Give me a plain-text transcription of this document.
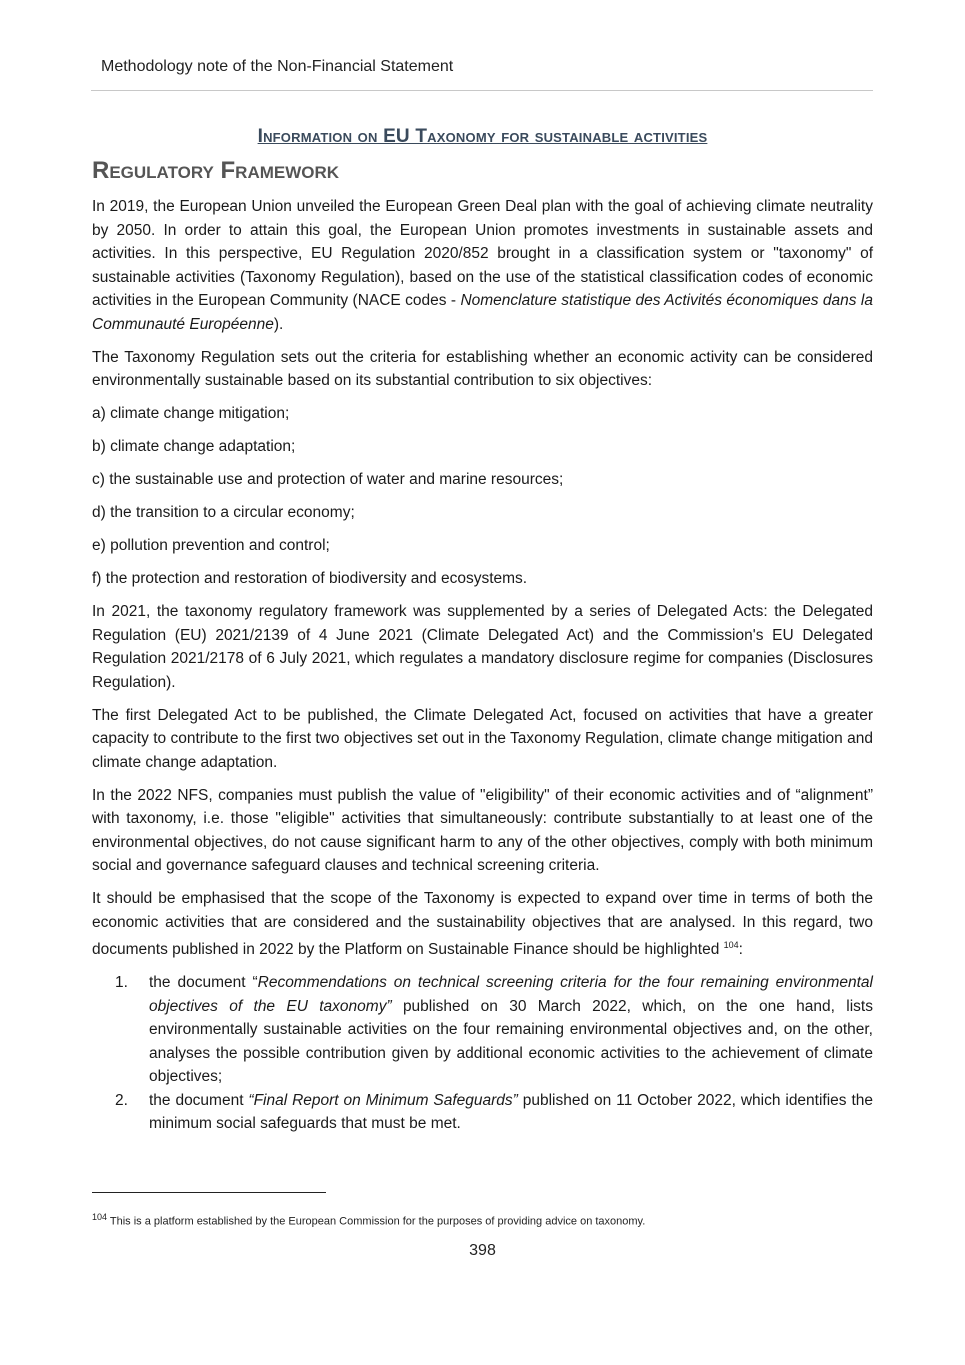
Methodology note of the Non-Financial Statement
Information on EU Taxonomy for sustainable activities
Regulatory Framework

In 2019, the European Union unveiled the European Green Deal plan with the goal of achieving climate neutrality by 2050. In order to attain this goal, the European Union promotes investments in sustainable assets and activities. In this perspective, EU Regulation 2020/852 brought in a classification system or "taxonomy" of sustainable activities (Taxonomy Regulation), based on the use of the statistical classification codes of economic activities in the European Community (NACE codes - Nomenclature statistique des Activités économiques dans la Communauté Européenne).

The Taxonomy Regulation sets out the criteria for establishing whether an economic activity can be considered environmentally sustainable based on its substantial contribution to six objectives:

a) climate change mitigation;

b) climate change adaptation;

c) the sustainable use and protection of water and marine resources;

d) the transition to a circular economy;

e) pollution prevention and control;

f) the protection and restoration of biodiversity and ecosystems.

In 2021, the taxonomy regulatory framework was supplemented by a series of Delegated Acts: the Delegated Regulation (EU) 2021/2139 of 4 June 2021 (Climate Delegated Act) and the Commission's EU Delegated Regulation 2021/2178 of 6 July 2021, which regulates a mandatory disclosure regime for companies (Disclosures Regulation).

The first Delegated Act to be published, the Climate Delegated Act, focused on activities that have a greater capacity to contribute to the first two objectives set out in the Taxonomy Regulation, climate change mitigation and climate change adaptation.

In the 2022 NFS, companies must publish the value of "eligibility" of their economic activities and of “alignment” with taxonomy, i.e. those "eligible" activities that simultaneously: contribute substantially to at least one of the environmental objectives, do not cause significant harm to any of the other objectives, comply with both minimum social and governance safeguard clauses and technical screening criteria.

It should be emphasised that the scope of the Taxonomy is expected to expand over time in terms of both the economic activities that are considered and the sustainability objectives that are analysed. In this regard, two documents published in 2022 by the Platform on Sustainable Finance should be highlighted $^{104}$:

1. the document “Recommendations on technical screening criteria for the four remaining environmental objectives of the EU taxonomy” published on 30 March 2022, which, on the one hand, lists environmentally sustainable activities on the four remaining environmental objectives and, on the other, analyses the possible contribution given by additional economic activities to the achievement of climate objectives;
2. the document “Final Report on Minimum Safeguards” published on 11 October 2022, which identifies the minimum social safeguards that must be met.
$^{104}$ This is a platform established by the European Commission for the purposes of providing advice on taxonomy.
398
